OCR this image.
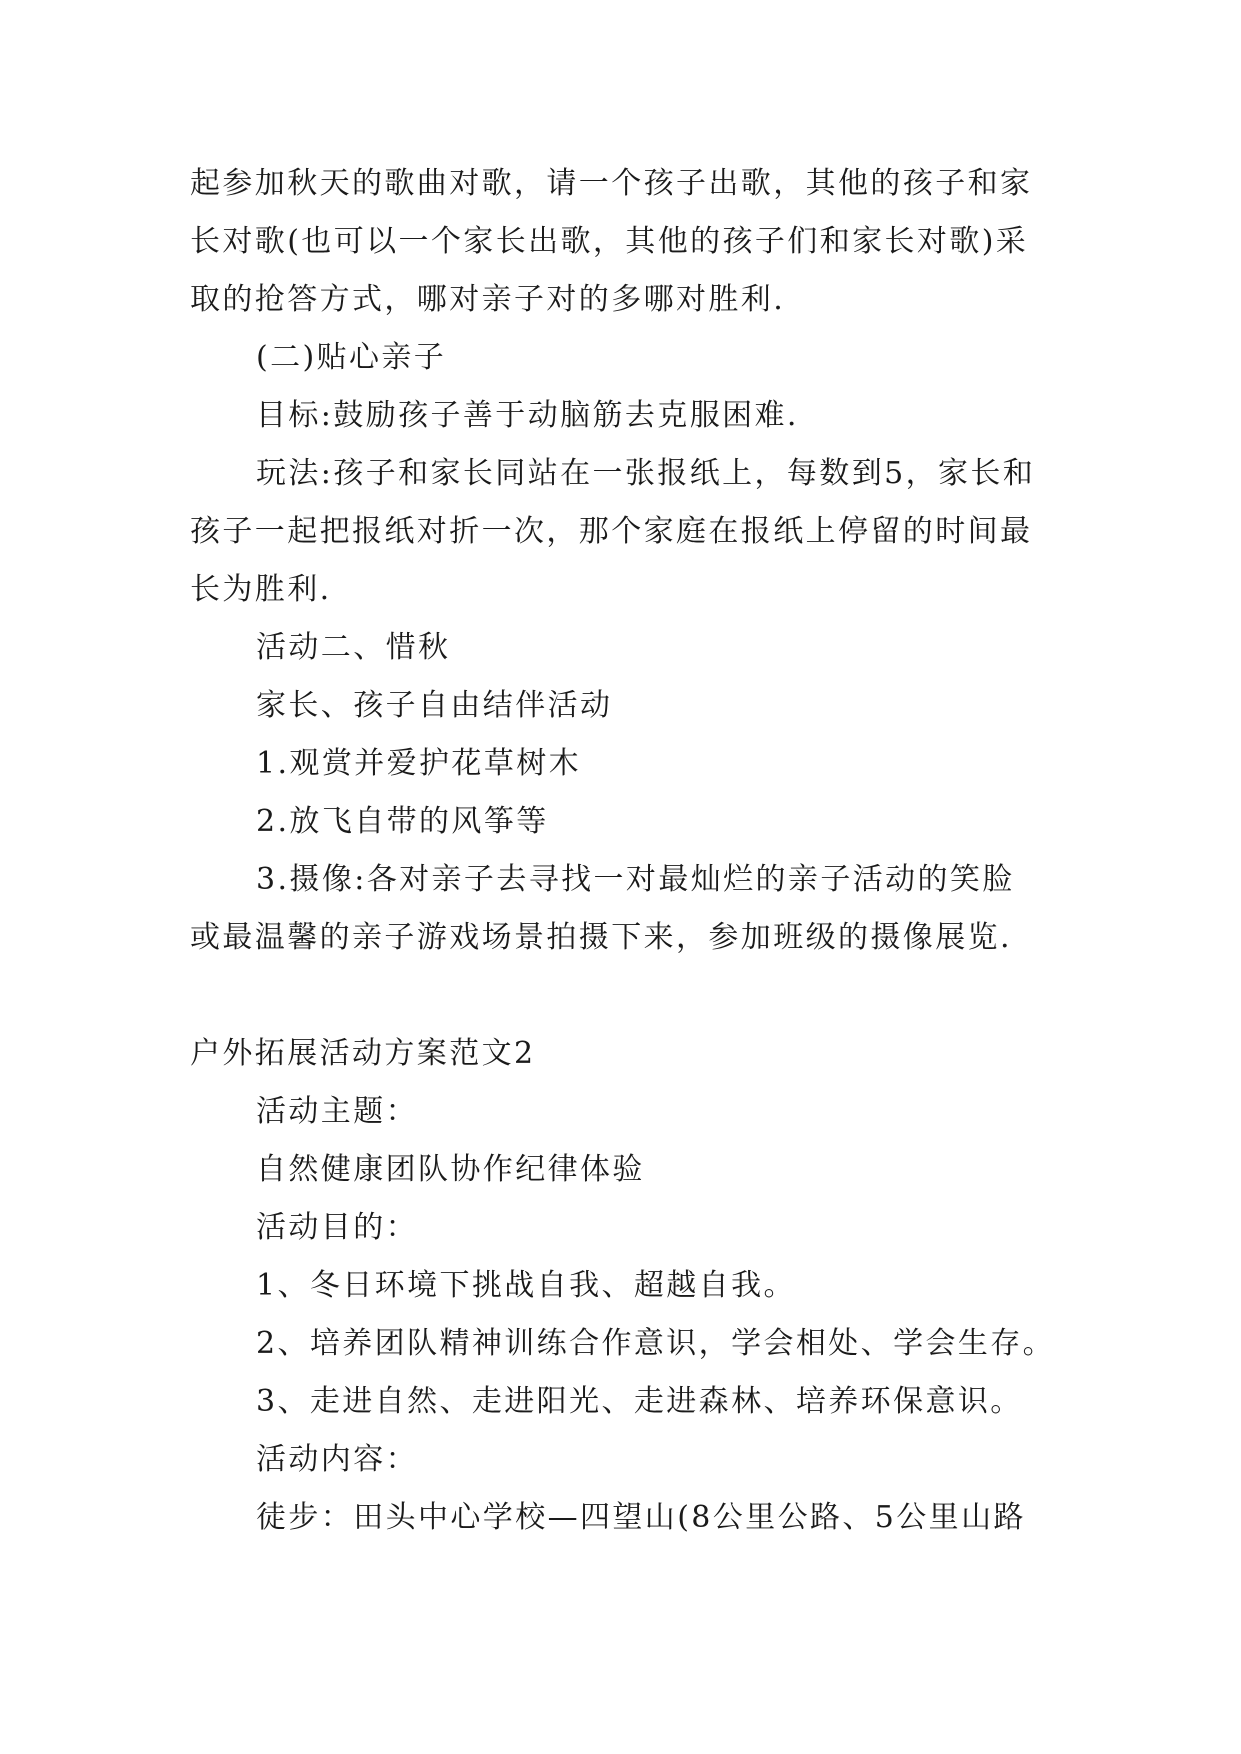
起参加秋天的歌曲对歌，请一个孩子出歌，其他的孩子和家
长对歌(也可以一个家长出歌，其他的孩子们和家长对歌)采
取的抢答方式，哪对亲子对的多哪对胜利.
(二)贴心亲子
目标:鼓励孩子善于动脑筋去克服困难.
玩法:孩子和家长同站在一张报纸上，每数到5，家长和
孩子一起把报纸对折一次，那个家庭在报纸上停留的时间最
长为胜利.
活动二、惜秋
家长、孩子自由结伴活动
1.观赏并爱护花草树木
2.放飞自带的风筝等
3.摄像:各对亲子去寻找一对最灿烂的亲子活动的笑脸
或最温馨的亲子游戏场景拍摄下来，参加班级的摄像展览.
户外拓展活动方案范文2
活动主题：
自然健康团队协作纪律体验
活动目的：
1、冬日环境下挑战自我、超越自我。
2、培养团队精神训练合作意识，学会相处、学会生存。
3、走进自然、走进阳光、走进森林、培养环保意识。
活动内容：
徒步：田头中心学校—四望山(8公里公路、5公里山路
